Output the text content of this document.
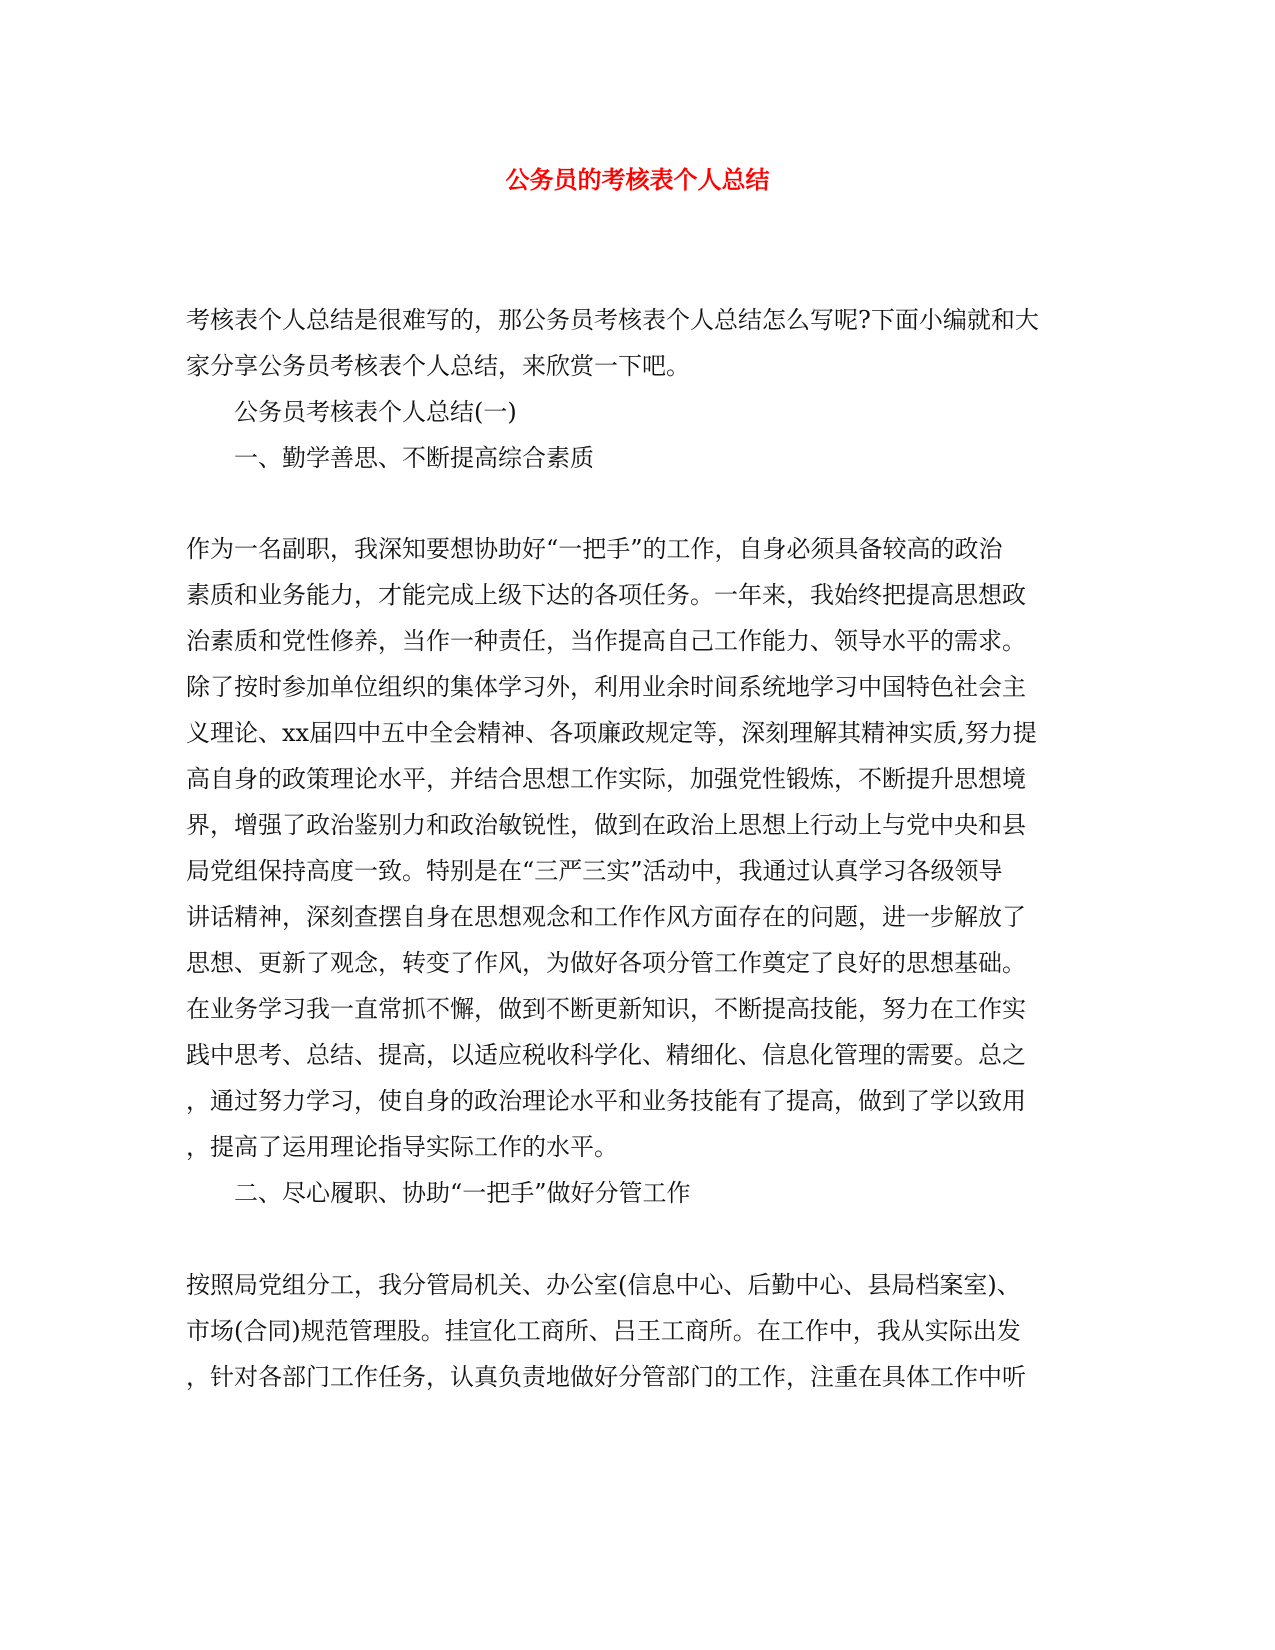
公务员的考核表个人总结
考核表个人总结是很难写的，那公务员考核表个人总结怎么写呢?下面小编就和大
家分享公务员考核表个人总结，来欣赏一下吧。
公务员考核表个人总结(一)
一、勤学善思、不断提高综合素质
作为一名副职，我深知要想协助好“一把手”的工作，自身必须具备较高的政治
素质和业务能力，才能完成上级下达的各项任务。一年来，我始终把提高思想政
治素质和党性修养，当作一种责任，当作提高自己工作能力、领导水平的需求。
除了按时参加单位组织的集体学习外，利用业余时间系统地学习中国特色社会主
义理论、xx届四中五中全会精神、各项廉政规定等，深刻理解其精神实质,努力提
高自身的政策理论水平，并结合思想工作实际，加强党性锻炼，不断提升思想境
界，增强了政治鉴别力和政治敏锐性，做到在政治上思想上行动上与党中央和县
局党组保持高度一致。特别是在“三严三实”活动中，我通过认真学习各级领导
讲话精神，深刻查摆自身在思想观念和工作作风方面存在的问题，进一步解放了
思想、更新了观念，转变了作风，为做好各项分管工作奠定了良好的思想基础。
在业务学习我一直常抓不懈，做到不断更新知识，不断提高技能，努力在工作实
践中思考、总结、提高，以适应税收科学化、精细化、信息化管理的需要。总之
，通过努力学习，使自身的政治理论水平和业务技能有了提高，做到了学以致用
，提高了运用理论指导实际工作的水平。
二、尽心履职、协助“一把手”做好分管工作
按照局党组分工，我分管局机关、办公室(信息中心、后勤中心、县局档案室)、
市场(合同)规范管理股。挂宣化工商所、吕王工商所。在工作中，我从实际出发
，针对各部门工作任务，认真负责地做好分管部门的工作，注重在具体工作中听
